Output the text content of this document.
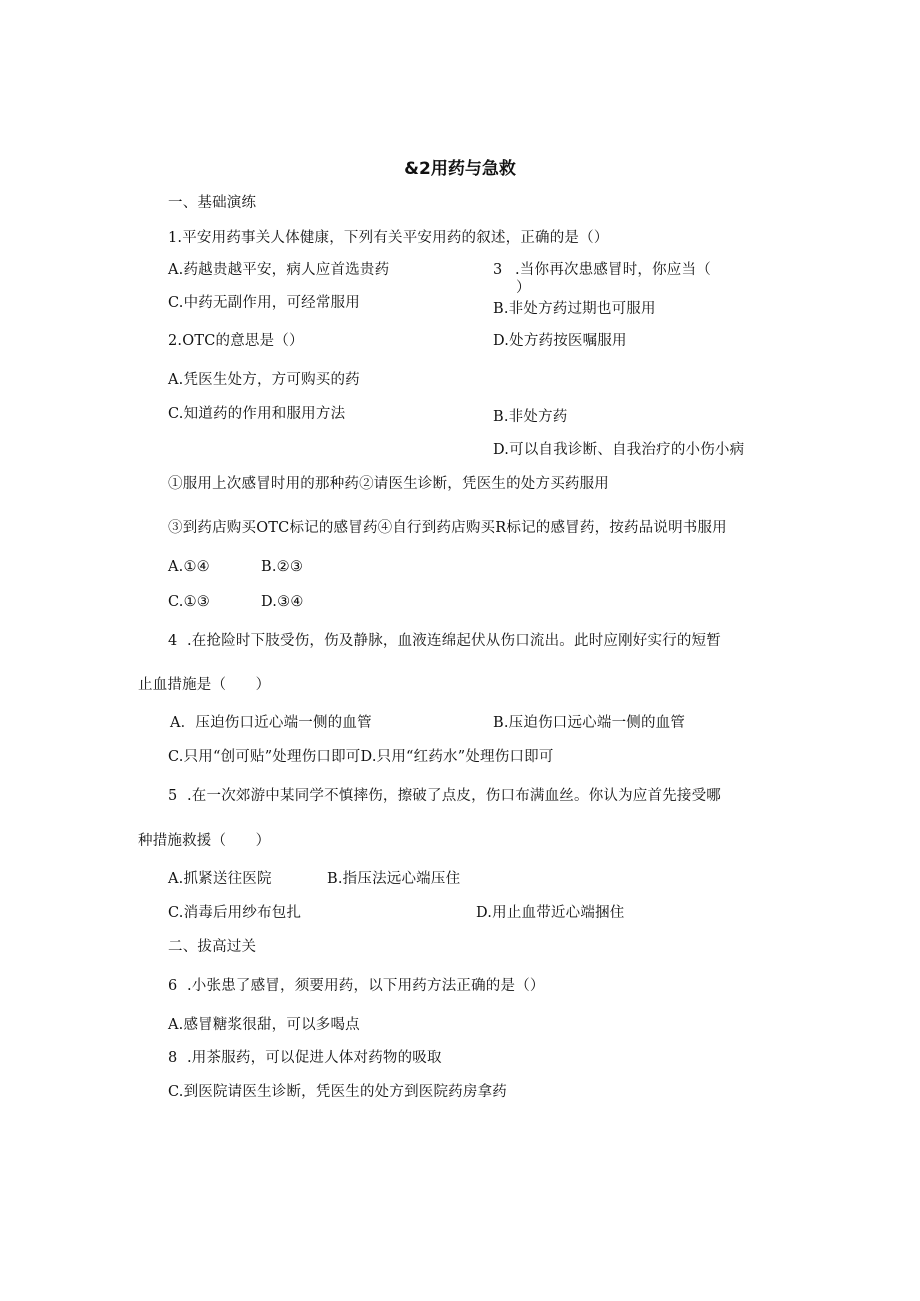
&2用药与急救
一、基础演练
1.平安用药事关人体健康，下列有关平安用药的叙述，正确的是（）
A.药越贵越平安，病人应首选贵药	3 .当你再次患感冒时，你应当（
）
C.中药无副作用，可经常服用	B.非处方药过期也可服用
2.OTC的意思是（）	D.处方药按医嘱服用
A.凭医生处方，方可购买的药
C.知道药的作用和服用方法	B.非处方药
D.可以自我诊断、自我治疗的小伤小病
①服用上次感冒时用的那种药②请医生诊断，凭医生的处方买药服用
③到药店购买OTC标记的感冒药④自行到药店购买R标记的感冒药，按药品说明书服用
A.①④	B.②③
C.①③	D.③④
4 .在抢险时下肢受伤，伤及静脉，血液连绵起伏从伤口流出。此时应刚好实行的短暂
止血措施是（　　）
A．压迫伤口近心端一侧的血管	B.压迫伤口远心端一侧的血管
C.只用“创可贴”处理伤口即可D.只用“红药水”处理伤口即可
5 .在一次郊游中某同学不慎摔伤，擦破了点皮，伤口布满血丝。你认为应首先接受哪
种措施救援（　　）
A.抓紧送往医院	B.指压法远心端压住
C.消毒后用纱布包扎	D.用止血带近心端捆住
二、拔高过关
6 .小张患了感冒，须要用药，以下用药方法正确的是（）
A.感冒糖浆很甜，可以多喝点
8 .用茶服药，可以促进人体对药物的吸取
C.到医院请医生诊断，凭医生的处方到医院药房拿药
